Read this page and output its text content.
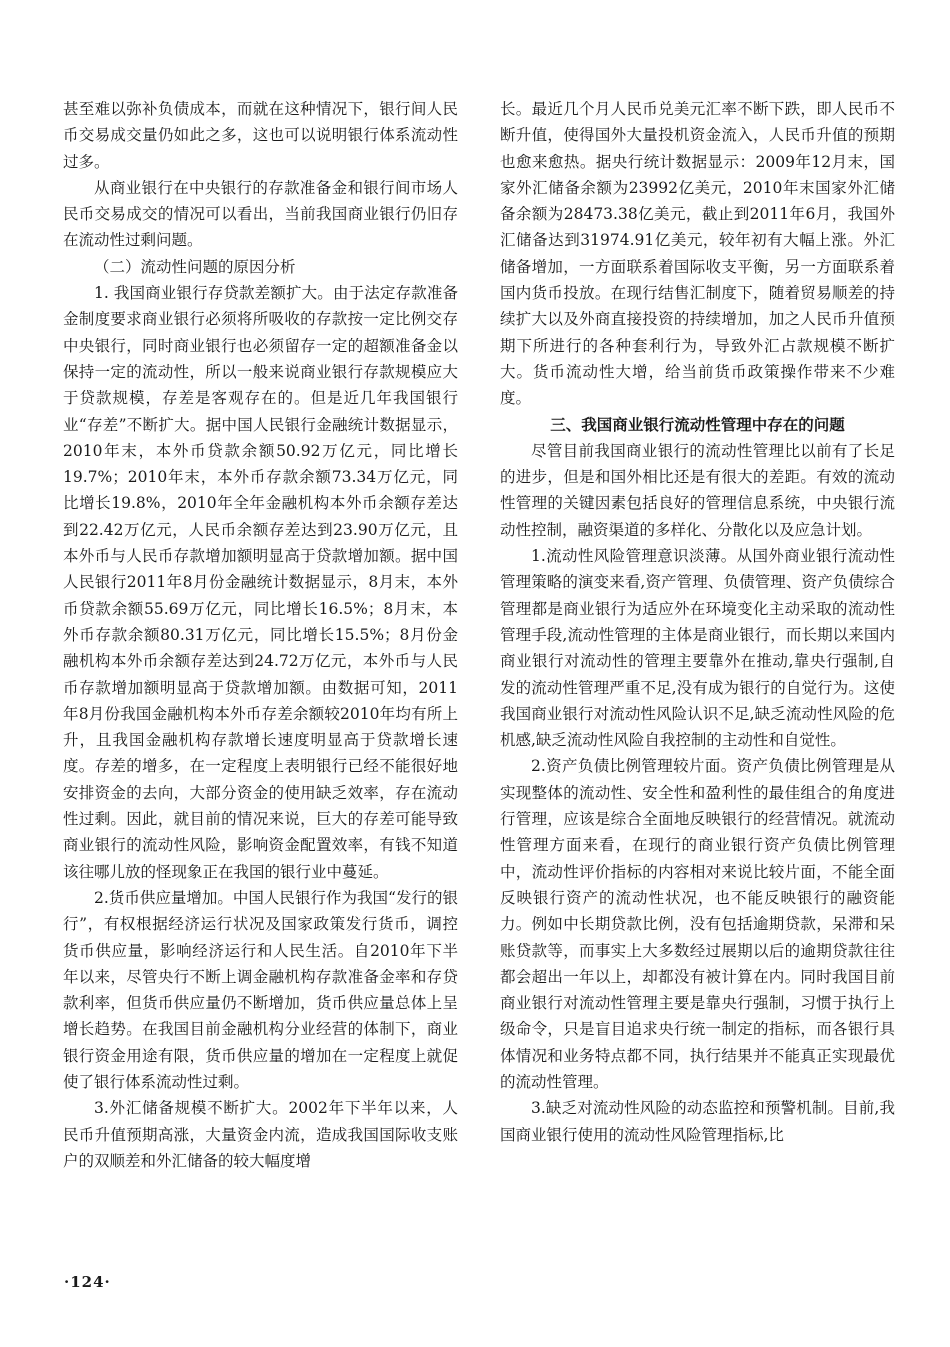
甚至难以弥补负债成本，而就在这种情况下，银行间人民币交易成交量仍如此之多，这也可以说明银行体系流动性过多。

从商业银行在中央银行的存款准备金和银行间市场人民币交易成交的情况可以看出，当前我国商业银行仍旧存在流动性过剩问题。

（二）流动性问题的原因分析

1. 我国商业银行存贷款差额扩大。由于法定存款准备金制度要求商业银行必须将所吸收的存款按一定比例交存中央银行，同时商业银行也必须留存一定的超额准备金以保持一定的流动性，所以一般来说商业银行存款规模应大于贷款规模，存差是客观存在的。但是近几年我国银行业“存差”不断扩大。据中国人民银行金融统计数据显示，2010年末，本外币贷款余额50.92万亿元，同比增长19.7%；2010年末，本外币存款余额73.34万亿元，同比增长19.8%，2010年全年金融机构本外币余额存差达到22.42万亿元，人民币余额存差达到23.90万亿元，且本外币与人民币存款增加额明显高于贷款增加额。据中国人民银行2011年8月份金融统计数据显示，8月末，本外币贷款余额55.69万亿元，同比增长16.5%；8月末，本外币存款余额80.31万亿元，同比增长15.5%；8月份金融机构本外币余额存差达到24.72万亿元，本外币与人民币存款增加额明显高于贷款增加额。由数据可知，2011年8月份我国金融机构本外币存差余额较2010年均有所上升，且我国金融机构存款增长速度明显高于贷款增长速度。存差的增多，在一定程度上表明银行已经不能很好地安排资金的去向，大部分资金的使用缺乏效率，存在流动性过剩。因此，就目前的情况来说，巨大的存差可能导致商业银行的流动性风险，影响资金配置效率，有钱不知道该往哪儿放的怪现象正在我国的银行业中蔓延。

2.货币供应量增加。中国人民银行作为我国“发行的银行”，有权根据经济运行状况及国家政策发行货币，调控货币供应量，影响经济运行和人民生活。自2010年下半年以来，尽管央行不断上调金融机构存款准备金率和存贷款利率，但货币供应量仍不断增加，货币供应量总体上呈增长趋势。在我国目前金融机构分业经营的体制下，商业银行资金用途有限，货币供应量的增加在一定程度上就促使了银行体系流动性过剩。

3.外汇储备规模不断扩大。2002年下半年以来，人民币升值预期高涨，大量资金内流，造成我国国际收支账户的双顺差和外汇储备的较大幅度增

长。最近几个月人民币兑美元汇率不断下跌，即人民币不断升值，使得国外大量投机资金流入，人民币升值的预期也愈来愈热。据央行统计数据显示：2009年12月末，国家外汇储备余额为23992亿美元，2010年末国家外汇储备余额为28473.38亿美元，截止到2011年6月，我国外汇储备达到31974.91亿美元，较年初有大幅上涨。外汇储备增加，一方面联系着国际收支平衡，另一方面联系着国内货币投放。在现行结售汇制度下，随着贸易顺差的持续扩大以及外商直接投资的持续增加，加之人民币升值预期下所进行的各种套利行为，导致外汇占款规模不断扩大。货币流动性大增，给当前货币政策操作带来不少难度。

三、我国商业银行流动性管理中存在的问题

尽管目前我国商业银行的流动性管理比以前有了长足的进步，但是和国外相比还是有很大的差距。有效的流动性管理的关键因素包括良好的管理信息系统，中央银行流动性控制，融资渠道的多样化、分散化以及应急计划。

1.流动性风险管理意识淡薄。从国外商业银行流动性管理策略的演变来看,资产管理、负债管理、资产负债综合管理都是商业银行为适应外在环境变化主动采取的流动性管理手段,流动性管理的主体是商业银行，而长期以来国内商业银行对流动性的管理主要靠外在推动,靠央行强制,自发的流动性管理严重不足,没有成为银行的自觉行为。这使我国商业银行对流动性风险认识不足,缺乏流动性风险的危机感,缺乏流动性风险自我控制的主动性和自觉性。

2.资产负债比例管理较片面。资产负债比例管理是从实现整体的流动性、安全性和盈利性的最佳组合的角度进行管理，应该是综合全面地反映银行的经营情况。就流动性管理方面来看，在现行的商业银行资产负债比例管理中，流动性评价指标的内容相对来说比较片面，不能全面反映银行资产的流动性状况，也不能反映银行的融资能力。例如中长期贷款比例，没有包括逾期贷款，呆滞和呆账贷款等，而事实上大多数经过展期以后的逾期贷款往往都会超出一年以上，却都没有被计算在内。同时我国目前商业银行对流动性管理主要是靠央行强制，习惯于执行上级命令，只是盲目追求央行统一制定的指标，而各银行具体情况和业务特点都不同，执行结果并不能真正实现最优的流动性管理。

3.缺乏对流动性风险的动态监控和预警机制。目前,我国商业银行使用的流动性风险管理指标,比

·124·
